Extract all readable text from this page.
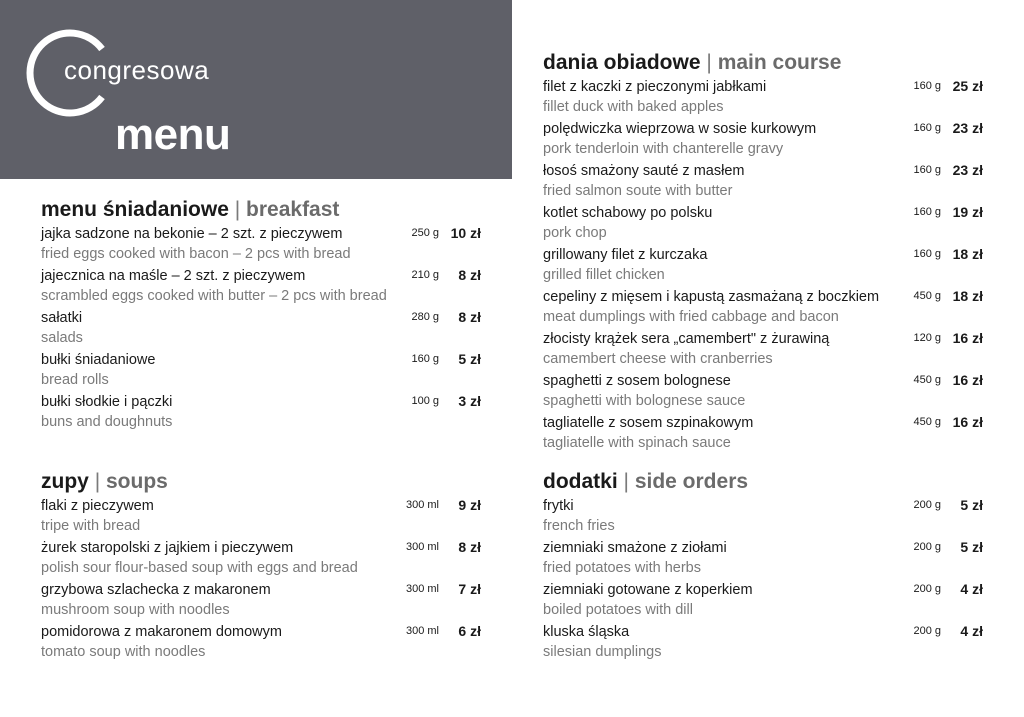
congresowa
menu
menu śniadaniowe | breakfast
jajka sadzone na bekonie – 2 szt. z pieczywem	250 g 10 zł
fried eggs cooked with bacon – 2 pcs with bread
jajecznica na maśle – 2 szt. z pieczywem	210 g 8 zł
scrambled eggs cooked with butter – 2 pcs with bread
sałatki	280 g 8 zł
salads
bułki śniadaniowe	160 g 5 zł
bread rolls
bułki słodkie i pączki	100 g 3 zł
buns and doughnuts
zupy | soups
flaki z pieczywem	300 ml 9 zł
tripe with bread
żurek staropolski z jajkiem i pieczywem	300 ml 8 zł
polish sour flour-based soup with eggs and bread
grzybowa szlachecka z makaronem	300 ml 7 zł
mushroom soup with noodles
pomidorowa z makaronem domowym	300 ml 6 zł
tomato soup with noodles
dania obiadowe | main course
filet z kaczki z pieczonymi jabłkami	160 g 25 zł
fillet duck with baked apples
polędwiczka wieprzowa w sosie kurkowym	160 g 23 zł
pork tenderloin with chanterelle gravy
łosoś smażony sauté z masłem	160 g 23 zł
fried salmon soute with butter
kotlet schabowy po polsku	160 g 19 zł
pork chop
grillowany filet z kurczaka	160 g 18 zł
grilled fillet chicken
cepeliny z mięsem i kapustą zasmażaną z boczkiem	450 g 18 zł
meat dumplings with fried cabbage and bacon
złocisty krążek sera „camembert" z żurawiną	120 g 16 zł
camembert cheese with cranberries
spaghetti z sosem bolognese	450 g 16 zł
spaghetti with bolognese sauce
tagliatelle z sosem szpinakowym	450 g 16 zł
tagliatelle with spinach sauce
dodatki | side orders
frytki	200 g 5 zł
french fries
ziemniaki smażone z ziołami	200 g 5 zł
fried potatoes with herbs
ziemniaki gotowane z koperkiem	200 g 4 zł
boiled potatoes with dill
kluska śląska	200 g 4 zł
silesian dumplings
